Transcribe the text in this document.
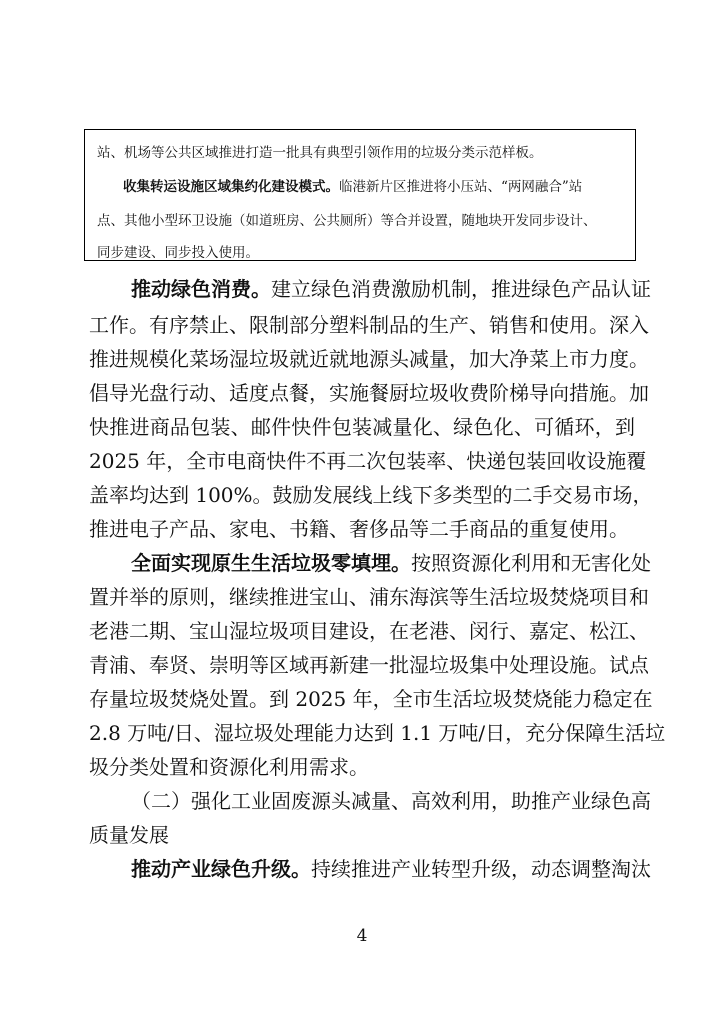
站、机场等公共区域推进打造一批具有典型引领作用的垃圾分类示范样板。
收集转运设施区域集约化建设模式。临港新片区推进将小压站、“两网融合”站
点、其他小型环卫设施（如道班房、公共厕所）等合并设置，随地块开发同步设计、
同步建设、同步投入使用。
推动绿色消费。建立绿色消费激励机制，推进绿色产品认证
工作。有序禁止、限制部分塑料制品的生产、销售和使用。深入
推进规模化菜场湿垃圾就近就地源头减量，加大净菜上市力度。
倡导光盘行动、适度点餐，实施餐厨垃圾收费阶梯导向措施。加
快推进商品包装、邮件快件包装减量化、绿色化、可循环，到
2025 年，全市电商快件不再二次包装率、快递包装回收设施覆
盖率均达到 100%。鼓励发展线上线下多类型的二手交易市场，
推进电子产品、家电、书籍、奢侈品等二手商品的重复使用。
全面实现原生生活垃圾零填埋。按照资源化利用和无害化处
置并举的原则，继续推进宝山、浦东海滨等生活垃圾焚烧项目和
老港二期、宝山湿垃圾项目建设，在老港、闵行、嘉定、松江、
青浦、奉贤、崇明等区域再新建一批湿垃圾集中处理设施。试点
存量垃圾焚烧处置。到 2025 年，全市生活垃圾焚烧能力稳定在
2.8 万吨/日、湿垃圾处理能力达到 1.1 万吨/日，充分保障生活垃
圾分类处置和资源化利用需求。
（二）强化工业固废源头减量、高效利用，助推产业绿色高
质量发展
推动产业绿色升级。持续推进产业转型升级，动态调整淘汰
4
